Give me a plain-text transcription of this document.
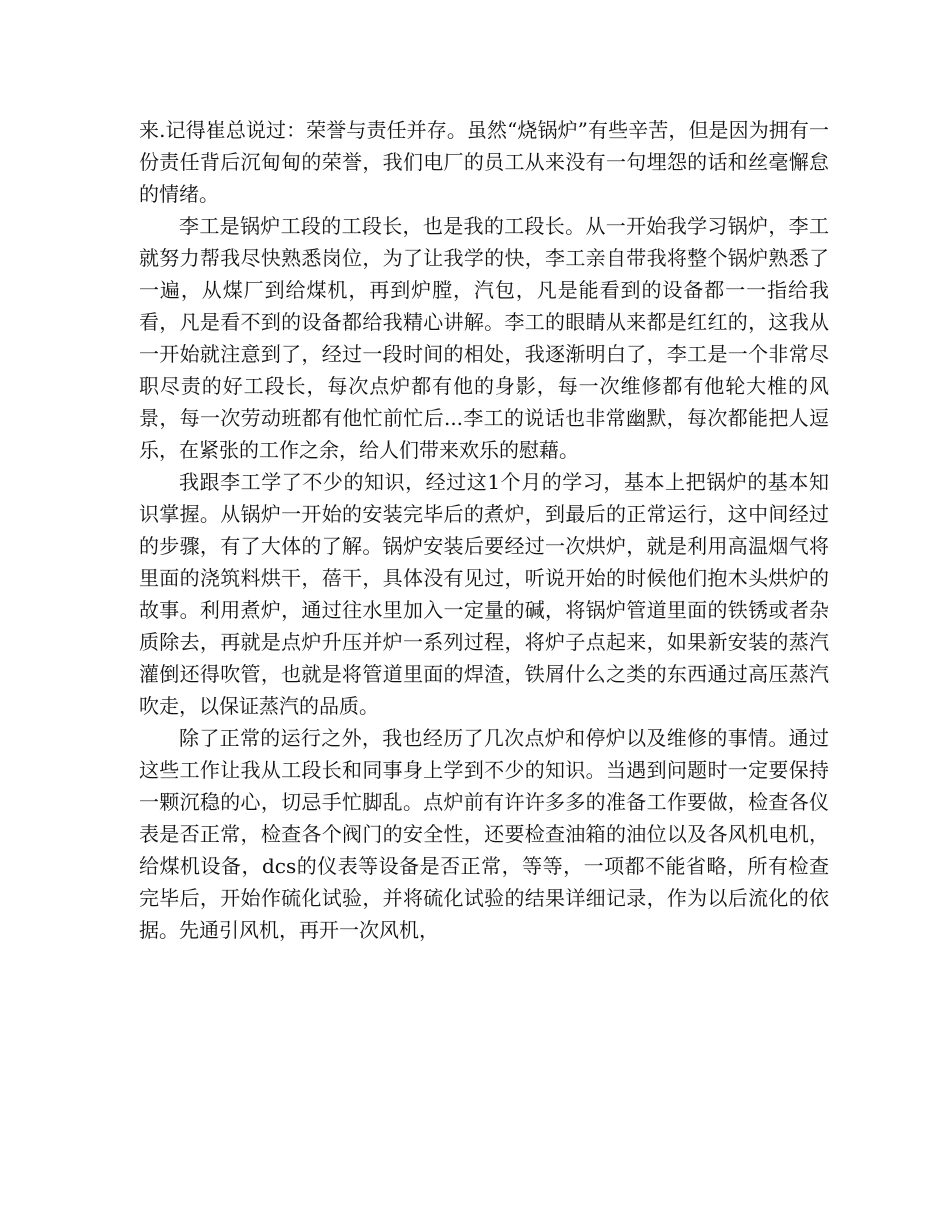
来.记得崔总说过：荣誉与责任并存。虽然“烧锅炉”有些辛苦，但是因为拥有一份责任背后沉甸甸的荣誉，我们电厂的员工从来没有一句埋怨的话和丝毫懈怠的情绪。

李工是锅炉工段的工段长，也是我的工段长。从一开始我学习锅炉，李工就努力帮我尽快熟悉岗位，为了让我学的快，李工亲自带我将整个锅炉熟悉了一遍，从煤厂到给煤机，再到炉膛，汽包，凡是能看到的设备都一一指给我看，凡是看不到的设备都给我精心讲解。李工的眼睛从来都是红红的，这我从一开始就注意到了，经过一段时间的相处，我逐渐明白了，李工是一个非常尽职尽责的好工段长，每次点炉都有他的身影，每一次维修都有他轮大椎的风景，每一次劳动班都有他忙前忙后...李工的说话也非常幽默，每次都能把人逗乐，在紧张的工作之余，给人们带来欢乐的慰藉。

我跟李工学了不少的知识，经过这1个月的学习，基本上把锅炉的基本知识掌握。从锅炉一开始的安装完毕后的煮炉，到最后的正常运行，这中间经过的步骤，有了大体的了解。锅炉安装后要经过一次烘炉，就是利用高温烟气将里面的浇筑料烘干，蓓干，具体没有见过，听说开始的时候他们抱木头烘炉的故事。利用煮炉，通过往水里加入一定量的碱，将锅炉管道里面的铁锈或者杂质除去，再就是点炉升压并炉一系列过程，将炉子点起来，如果新安装的蒸汽灌倒还得吹管，也就是将管道里面的焊渣，铁屑什么之类的东西通过高压蒸汽吹走，以保证蒸汽的品质。

除了正常的运行之外，我也经历了几次点炉和停炉以及维修的事情。通过这些工作让我从工段长和同事身上学到不少的知识。当遇到问题时一定要保持一颗沉稳的心，切忌手忙脚乱。点炉前有许许多多的准备工作要做，检查各仪表是否正常，检查各个阀门的安全性，还要检查油箱的油位以及各风机电机，给煤机设备，dcs的仪表等设备是否正常，等等，一项都不能省略，所有检查完毕后，开始作硫化试验，并将硫化试验的结果详细记录，作为以后流化的依据。先通引风机，再开一次风机，
